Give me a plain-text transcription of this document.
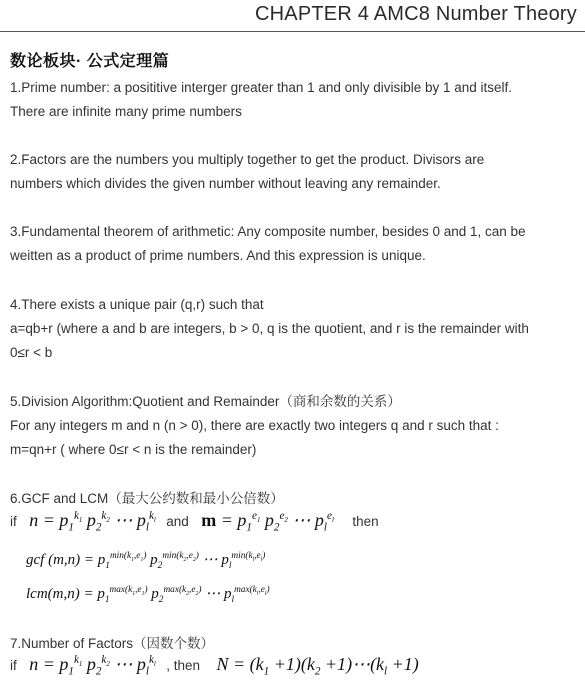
CHAPTER 4 AMC8 Number Theory
数论板块· 公式定理篇
1.Prime number: a posititive interger greater than 1 and only divisible by 1 and itself.
There are infinite many prime numbers
2.Factors are the numbers you multiply together to get the product. Divisors are
numbers which divides the given number without leaving any remainder.
3.Fundamental theorem of arithmetic: Any composite number, besides 0 and 1, can be
weitten as a product of prime numbers. And this expression is unique.
4.There exists a unique pair (q,r) such that
a=qb+r (where a and b are integers, b > 0, q is the quotient, and r is the remainder with
0≤r < b
5.Division Algorithm:Quotient and Remainder（商和余数的关系）
For any integers m and n (n > 0), there are exactly two integers q and r such that :
m=qn+r ( where 0≤r < n is the remainder)
6.GCF and LCM（最大公约数和最小公倍数）
if $n = p_1^{k_1}$ $p_2^{k_2}$ ⋯ $p_l^{k_l}$ and $m = p_1^{e_1}$ $p_2^{e_2}$ ⋯ $p_l^{e_l}$ then
gcf $(m,n) = p_1^{min(k_1,e_1)}$ $p_2^{min(k_2,e_2)}$ ⋯ $p_l^{min(k_l,e_l)}$
$lcm(m,n) = p_1^{max(k_1,e_1)}$ $p_2^{max(k_2,e_2)}$ ⋯ $p_l^{max(k_l,e_l)}$
7.Number of Factors（因数个数）
if $n = p_1^{k_1}$ $p_2^{k_2}$ ⋯ $p_l^{k_l}$ , then $N = (k_1 +1)(k_2$ $+1)\cdots(k_l +1)$
